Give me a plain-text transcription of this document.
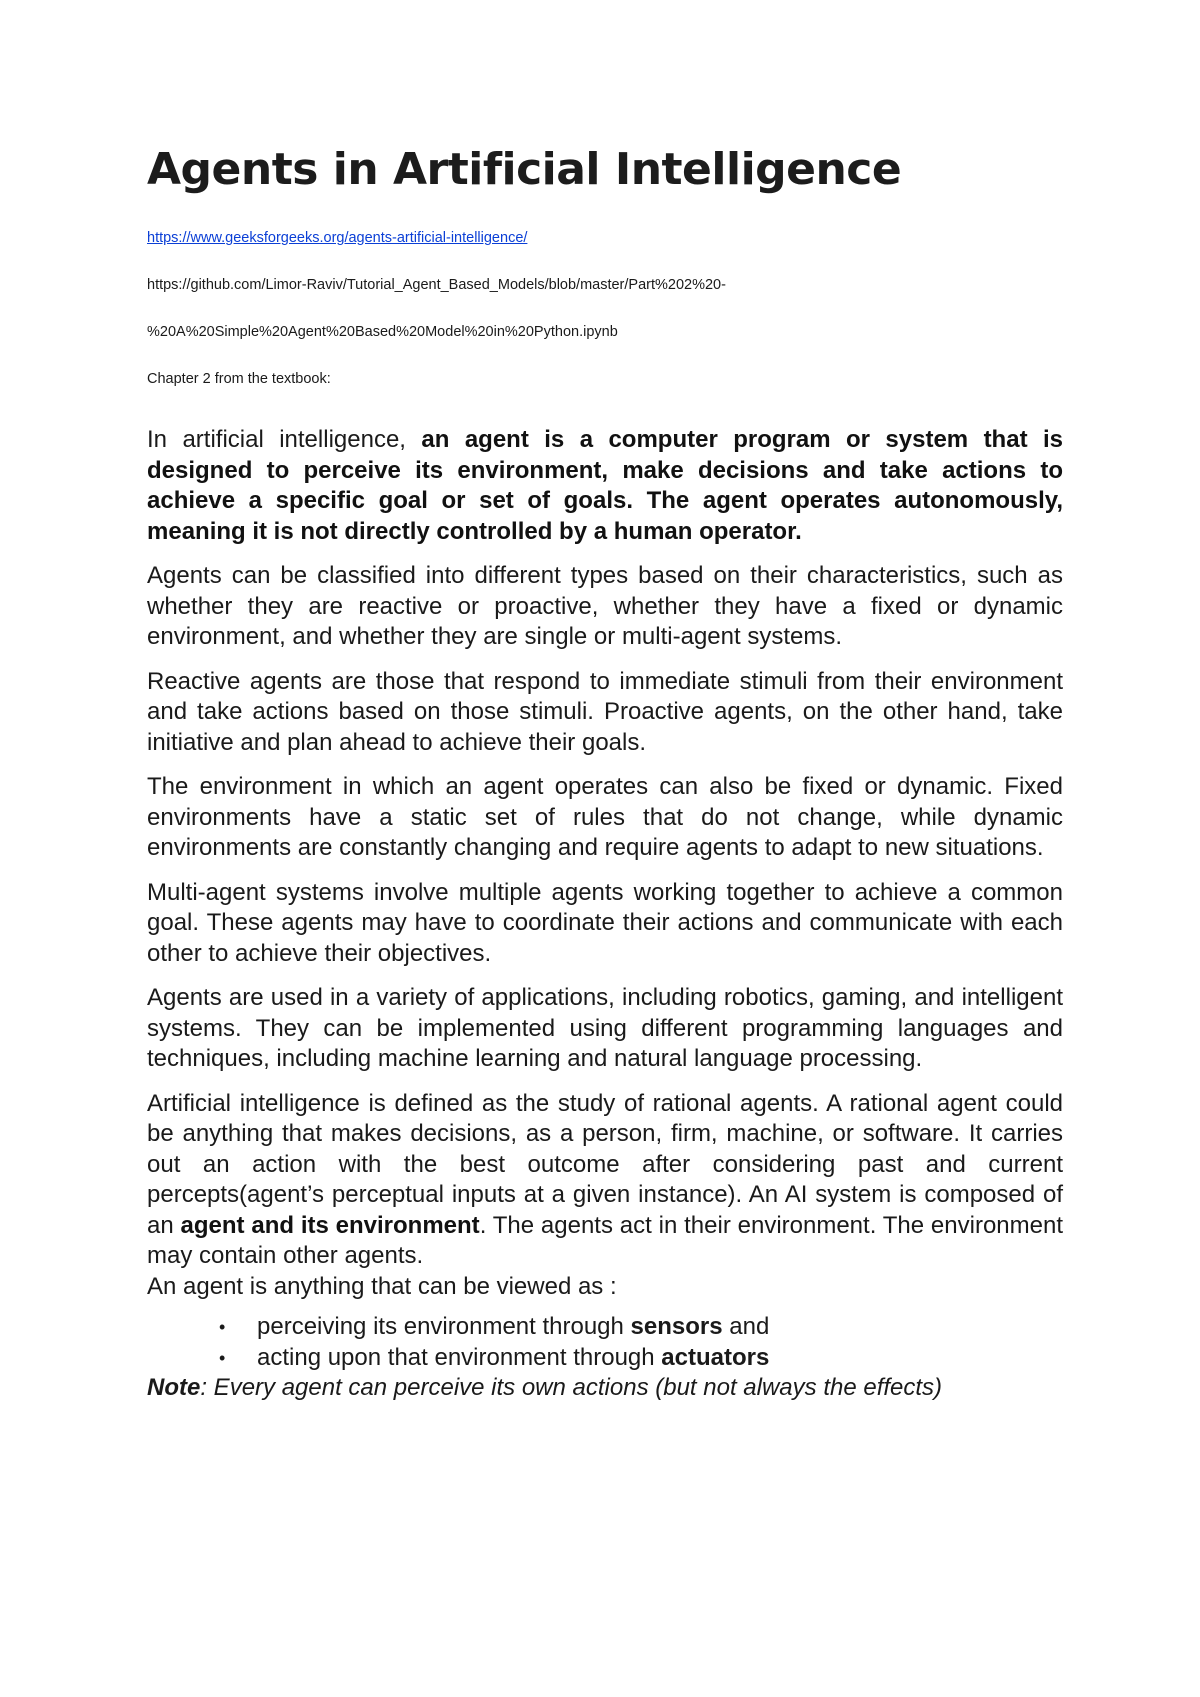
Agents in Artificial Intelligence
https://www.geeksforgeeks.org/agents-artificial-intelligence/
https://github.com/Limor-Raviv/Tutorial_Agent_Based_Models/blob/master/Part%202%20-
%20A%20Simple%20Agent%20Based%20Model%20in%20Python.ipynb
Chapter 2 from the textbook:

In artificial intelligence, an agent is a computer program or system that is designed to perceive its environment, make decisions and take actions to achieve a specific goal or set of goals. The agent operates autonomously, meaning it is not directly controlled by a human operator.

Agents can be classified into different types based on their characteristics, such as whether they are reactive or proactive, whether they have a fixed or dynamic environment, and whether they are single or multi-agent systems.

Reactive agents are those that respond to immediate stimuli from their environment and take actions based on those stimuli. Proactive agents, on the other hand, take initiative and plan ahead to achieve their goals.

The environment in which an agent operates can also be fixed or dynamic. Fixed environments have a static set of rules that do not change, while dynamic environments are constantly changing and require agents to adapt to new situations.

Multi-agent systems involve multiple agents working together to achieve a common goal. These agents may have to coordinate their actions and communicate with each other to achieve their objectives.

Agents are used in a variety of applications, including robotics, gaming, and intelligent systems. They can be implemented using different programming languages and techniques, including machine learning and natural language processing.

Artificial intelligence is defined as the study of rational agents. A rational agent could be anything that makes decisions, as a person, firm, machine, or software. It carries out an action with the best outcome after considering past and current percepts(agent’s perceptual inputs at a given instance). An AI system is composed of an agent and its environment. The agents act in their environment. The environment may contain other agents.

An agent is anything that can be viewed as :

• perceiving its environment through sensors and
• acting upon that environment through actuators

Note: Every agent can perceive its own actions (but not always the effects)
